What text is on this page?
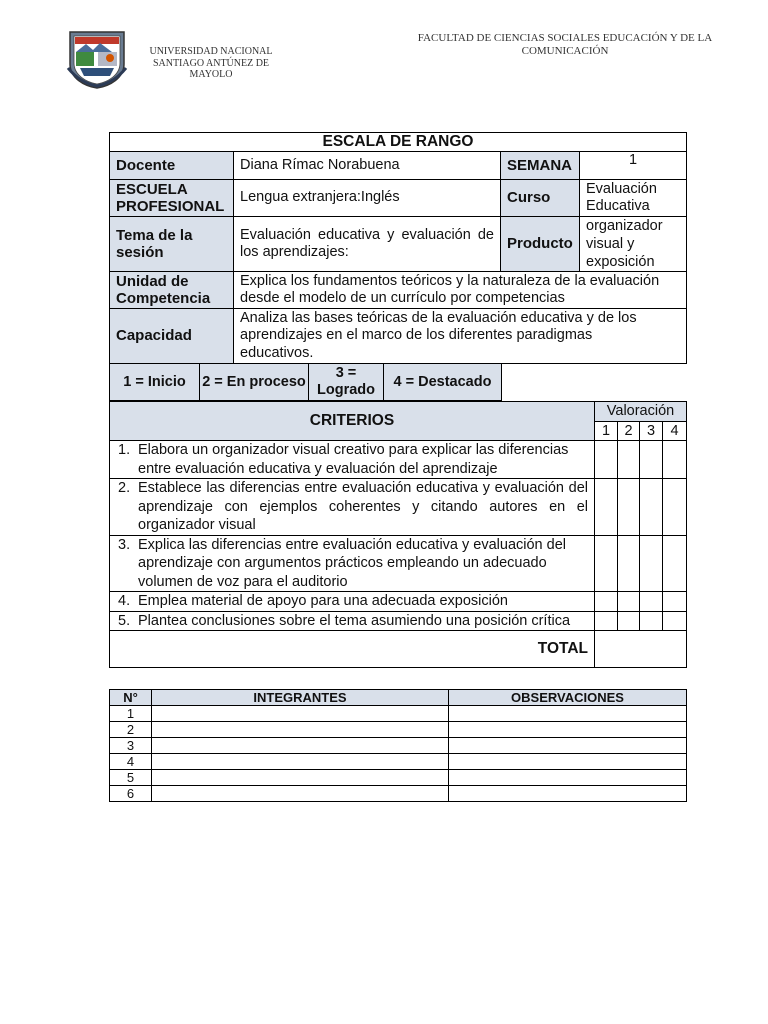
UNIVERSIDAD NACIONAL SANTIAGO ANTÚNEZ DE MAYOLO
FACULTAD DE CIENCIAS SOCIALES EDUCACIÓN Y DE LA COMUNICACIÓN
ESCALA DE RANGO			
Docente	Diana Rímac Norabuena	SEMANA	1
ESCUELA PROFESIONAL	Lengua extranjera:Inglés	Curso	Evaluación Educativa
Tema de la sesión	Evaluación educativa y evaluación de los aprendizajes:	Producto	organizador visual y exposición
Unidad de Competencia	Explica los fundamentos teóricos y la naturaleza de la evaluación desde el modelo de un currículo por competencias		
Capacidad	Analiza las bases teóricas de la evaluación educativa y de los aprendizajes en el marco de los diferentes paradigmas educativos.		
1 = Inicio	2 = En proceso	3 = Logrado	4 = Destacado
CRITERIOS	Valoración			
	1	2	3	4

1. Elabora un organizador visual creativo para explicar las diferencias entre evaluación educativa y evaluación del aprendizaje				

2. Establece las diferencias entre evaluación educativa y evaluación del aprendizaje con ejemplos coherentes y citando autores en el organizador visual				

3. Explica las diferencias entre evaluación educativa y evaluación del aprendizaje con argumentos prácticos empleando un adecuado volumen de voz para el auditorio				

4. Emplea material de apoyo para una adecuada exposición				

5. Plantea conclusiones sobre el tema asumiendo una posición crítica				

TOTAL				
N°	INTEGRANTES	OBSERVACIONES
1		
2		
3		
4		
5		
6		
